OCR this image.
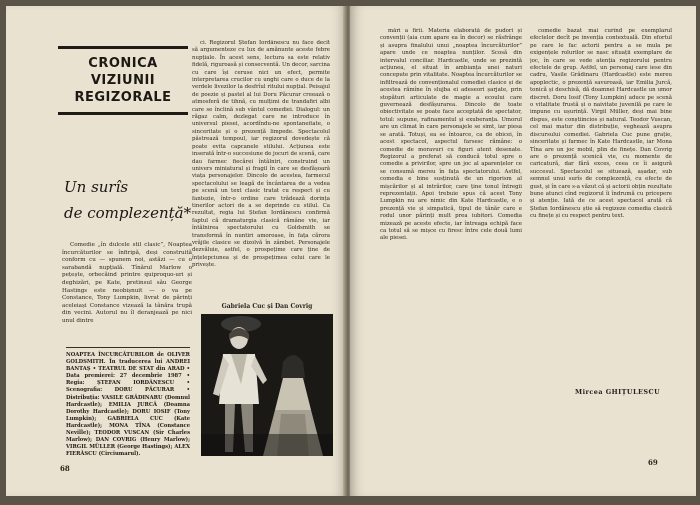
CRONICA
VIZIUNII
REGIZORALE
Un surîs
de complezență*

Comedie „în dulcele stil clasic”, Noaptea încurcăturilor se înfiripă, deși construită conform cu — spunem noi, astăzi — cu o sarabandă nupțială. Tînărul Marlow o pețește, orbecăind printre quiproquo-uri și deghizări, pe Kate, pretinsul său George Hastings este neobișnuit — o va pe Constance, Tony Lumpkin, livrat de părinți aceleiași Constance vizează la tânăra trupă din vecini. Autorul nu îl deranjează pe nici unul dintre

NOAPTEA ÎNCURCĂTURILOR de OLIVER GOLDSMITH. În traducerea lui ANDREI BANTAȘ • TEATRUL DE STAT din ARAD • Data premierei: 27 decembrie 1987 • Regia: ȘTEFAN IORDĂNESCU • Scenografia: DORU PĂCURAR • Distribuția: VASILE GRĂDINARU (Domnul Hardcastle); EMILIA JURCĂ (Doamna Dorothy Hardcastle); DORU IOSIF (Tony Lumpkin); GABRIELA CUC (Kate Hardcastle); MONA TÎNA (Constance Neville); TEODOR VUSCAN (Sir Charles Marlow); DAN COVRIG (Henry Marlow); VIRGIL MÜLLER (George Hastings); ALEX FIERĂSCU (Circiumarul).

ci. Regizorul Ștefan Iordănescu nu face decît să argumenteze cu lux de amănunte aceste febre nupțiale. În acest sens, lectura sa este relativ fidelă, riguroasă și consecventă. Un decor, sarcina cu care își ceruse nici un efect, permite interpretarea crucilor cu unghi care o duce de la verdele livezilor la desfrîul ritului nupțial. Peisajul de poezie și pastel al lui Doru Păcurar creează o atmosferă de tihnă, cu mulțimi de trandafiri albi care se înclină sub vântul comediei. Dialogul: un răgaz calm, dezlegat care ne introduce în universul piesei, acordîndu-ne spontaneitate, o sinceritate și o prezență limpede. Spectacolul păstrează tempoul, iar regizorul dovedește că poate evita capcanele stilului. Acțiunea este inserată într-o succesiune de jocuri de scenă, care dau farmec fiecărei întâlniri, construind un univers miniatural și fragil în care se desfășoară viața personajelor. Dincolo de acestea, farmecul spectacolului se leagă de încântarea de a vedea pe scenă un text clasic tratat cu respect și cu fantezie, într-o ordine care trădează dorința tinerilor actori de a se deprinde cu stilul. Ca rezultat, regia lui Ștefan Iordănescu confirmă faptul că dramaturgia clasică rămâne vie, iar întâlnirea spectatorului cu Goldsmith se transformă în nuntiri amoroase, în fața cărora vrăjile clasice se dizolvă în zâmbet. Personajele dezvăluie, astfel, o prospețime care ține de înțelepciunea și de prospețimea celui care le privește.

Gabriela Cuc și Dan Covrig
68

mări a firii. Materia elaborată de pudori și convenții (aia cum apare ea în decor) se răsfrânge și asupra finalului unui „noaptea încurcăturilor” apare unde ce noaptea nunților. Scosă din intervalul conciliar. Hardcastle, unde se prezintă acțiunea, el situat în ambianța unei naturi concepute prin vitalitate. Noaptea încurcăturilor se infiltrează de convenționalul comediei clasice și de acestea rămîne în slujba ei adeseori șarjate, prin stopături articulate de magie a ecoului care guvernează desfășurarea. Dincolo de toate obiectivitate se poate face acceptată de spectator, totul: supune, rafinamentul și exuberanța. Umorul are un climat în care personajele se simt, iar piesa se arată. Totuși, ea se întoarce, ca de obicei, în acest spectacol, aspectul farsesc rămâne: o comedie de moravuri cu figuri atent desenate. Regizorul a preferat să conducă totul spre o comedie a privirilor, spre un joc al aparențelor ce se consumă mereu în fața spectatorului. Astfel, comedia e bine susținută de un rigorism al mișcărilor și al intrărilor, care ține tonul întregii reprezentații. Apoi trebuie spus că acest Tony Lumpkin nu are nimic din Kate Hardcastle, e o prezență vie și simpatică, tipul de tânăr care e rodul unor părinți mult prea iubitori. Comedia mizează pe aceste efecte, iar întreaga echipă face ca totul să se mișce cu firesc între cele două lumi ale piesei.

comedie bazat mai curînd pe exemplarul efectelor decît pe invenția contextuală. Din efortul pe care le fac actorii pentru a se mula pe exigențele rolurilor se nasc situații exemplare de joc, în care se vede atenția regizorului pentru efectele de grup. Astfel, un personaj care iese din cadru, Vasile Grădinaru (Hardcastle) este mereu apoplectic, o prezență savuroasă, iar Emilia Jurcă, tonică și deschisă, dă doamnei Hardcastle un umor discret. Doru Iosif (Tony Lumpkin) aduce pe scenă o vitalitate frustă și o naivitate juvenilă pe care le impune cu ușurință. Virgil Müller, deși mai bine dispus, este conștiincios și natural. Teodor Vuscan, cel mai matur din distribuție, veghează asupra discursului comediei. Gabriela Cuc pune grație, sinceritate și farmec în Kate Hardcastle, iar Mona Tîna are un joc mobil, plin de finețe. Dan Covrig are o prezență scenică vie, cu momente de caricatură, dar fără exces, ceea ce îi asigură succesul. Spectacolul se situează, așadar, sub semnul unui surîs de complezență, cu efecte de gust, și în care s-a văzut că și actorii obțin rezultate bune atunci cînd regizorul îi îndrumă cu pricepere și atenție. Iată de ce acest spectacol arată că Ștefan Iordănescu știe să regizeze comedia clasică cu finețe și cu respect pentru text.

69
Mircea GHIȚULESCU
